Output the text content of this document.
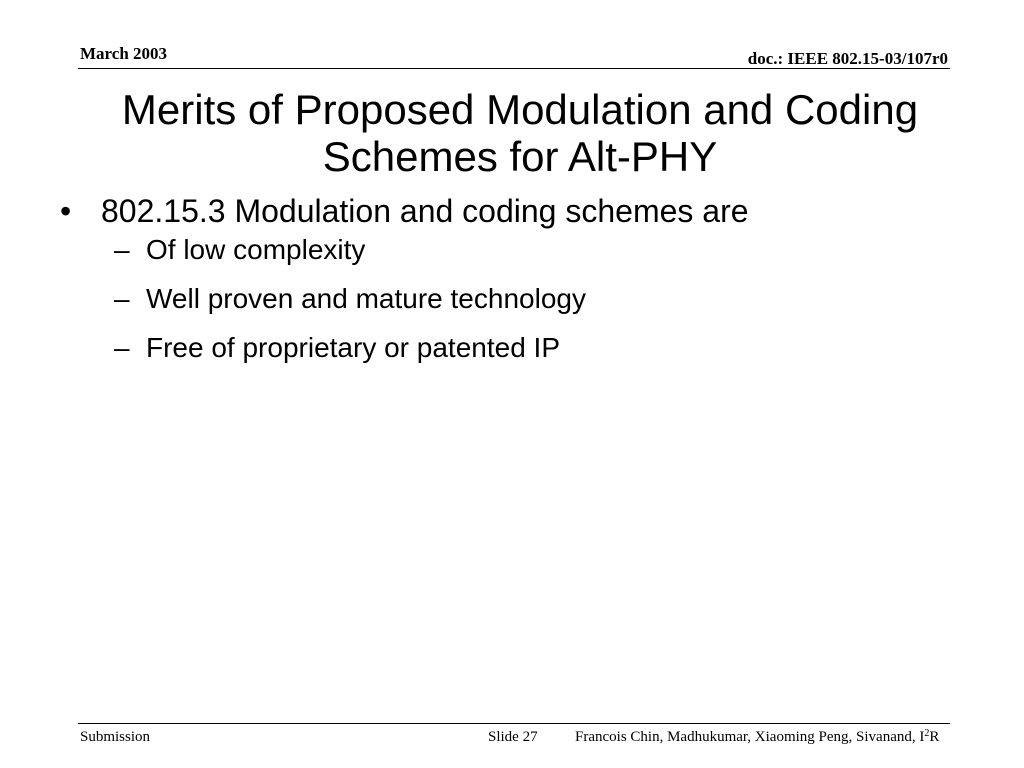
March 2003	doc.: IEEE 802.15-03/107r0
Merits of Proposed Modulation and Coding
Schemes for Alt-PHY
• 802.15.3 Modulation and coding schemes are
– Of low complexity
– Well proven and mature technology
– Free of proprietary or patented IP
Submission	Slide 27 Francois Chin, Madhukumar, Xiaoming Peng, Sivanand, $I^2R$
